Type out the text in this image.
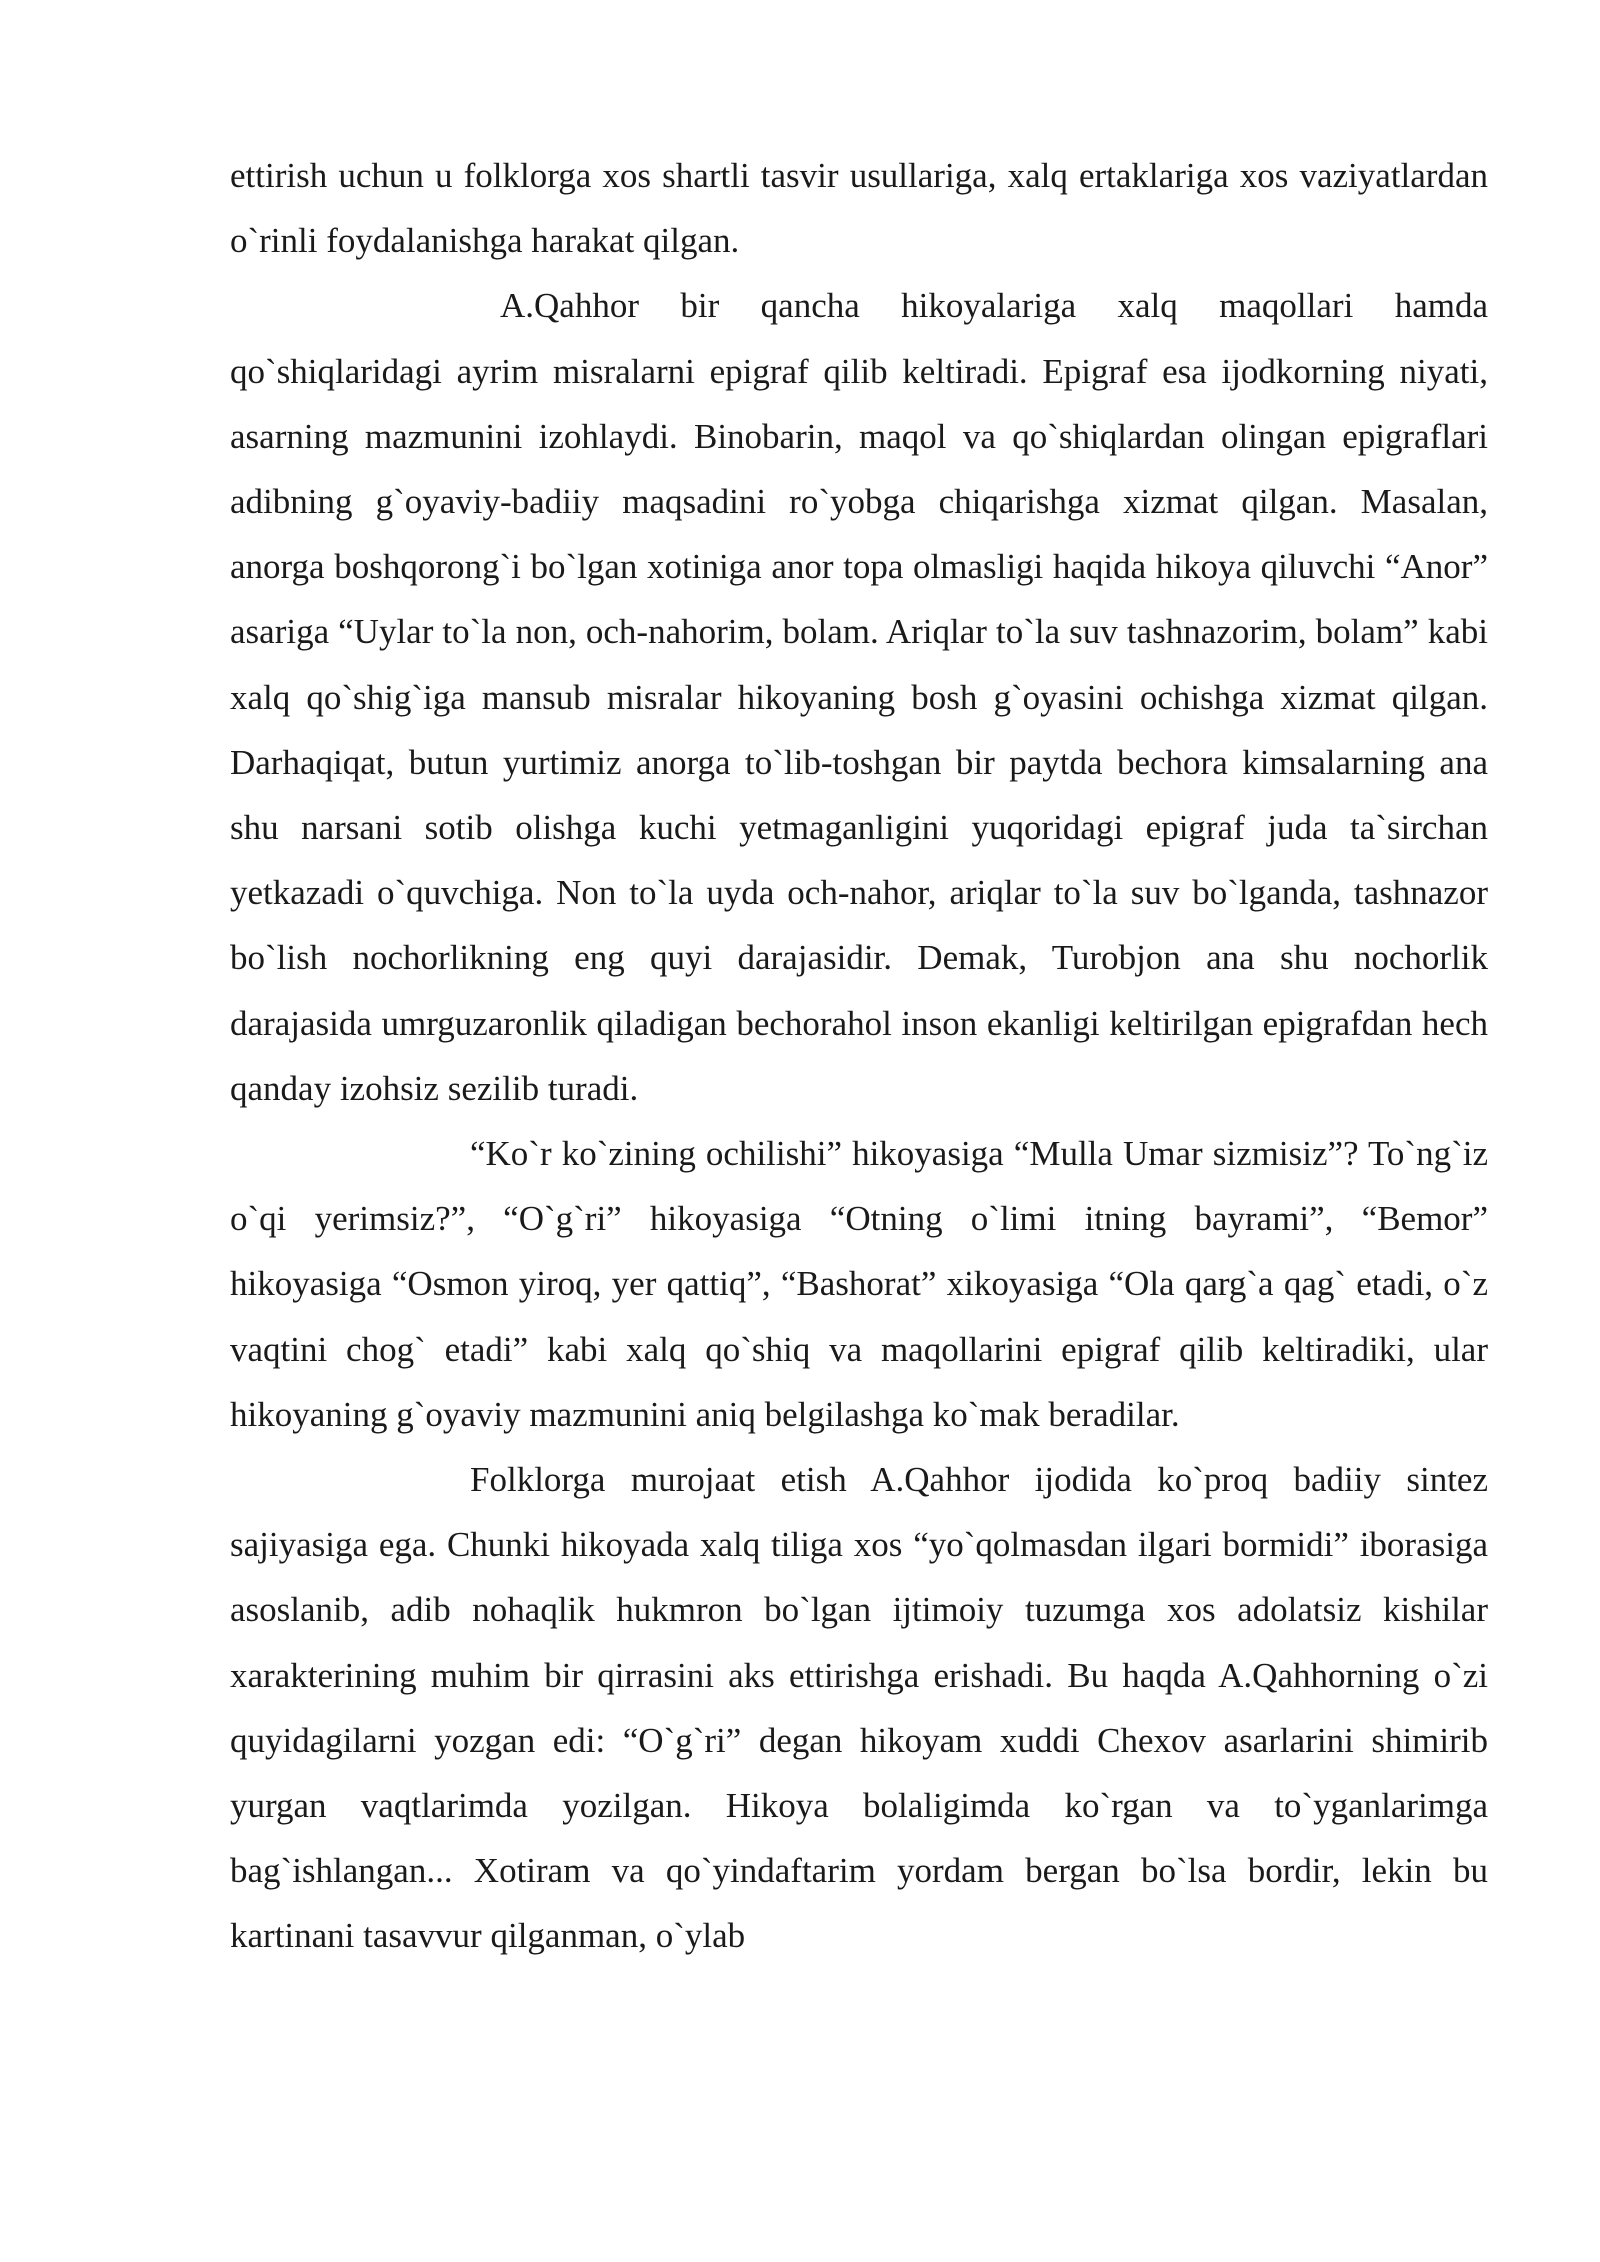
ettirish uchun u folklorga xos shartli tasvir usullariga, xalq ertaklariga xos vaziyatlardan o`rinli foydalanishga harakat qilgan.

A.Qahhor bir qancha hikoyalariga xalq maqollari hamda qo`shiqlaridagi ayrim misralarni epigraf qilib keltiradi. Epigraf esa ijodkorning niyati, asarning mazmunini izohlaydi. Binobarin, maqol va qo`shiqlardan olingan epigraflari adibning g`oyaviy-badiiy maqsadini ro`yobga chiqarishga xizmat qilgan. Masalan, anorga boshqorong`i bo`lgan xotiniga anor topa olmasligi haqida hikoya qiluvchi “Anor” asariga “Uylar to`la non, och-nahorim, bolam. Ariqlar to`la suv tashnazorim, bolam” kabi xalq qo`shig`iga mansub misralar hikoyaning bosh g`oyasini ochishga xizmat qilgan. Darhaqiqat, butun yurtimiz anorga to`lib-toshgan bir paytda bechora kimsalarning ana shu narsani sotib olishga kuchi yetmaganligini yuqoridagi epigraf juda ta`sirchan yetkazadi o`quvchiga. Non to`la uyda och-nahor, ariqlar to`la suv bo`lganda, tashnazor bo`lish nochorlikning eng quyi darajasidir. Demak, Turobjon ana shu nochorlik darajasida umrguzaronlik qiladigan bechorahol inson ekanligi keltirilgan epigrafdan hech qanday izohsiz sezilib turadi.

“Ko`r ko`zining ochilishi” hikoyasiga “Mulla Umar sizmisiz”? To`ng`iz o`qi yerimsiz?”, “O`g`ri” hikoyasiga “Otning o`limi itning bayrami”, “Bemor” hikoyasiga “Osmon yiroq, yer qattiq”, “Bashorat” xikoyasiga “Ola qarg`a qag` etadi, o`z vaqtini chog` etadi” kabi xalq qo`shiq va maqollarini epigraf qilib keltiradiki, ular hikoyaning g`oyaviy mazmunini aniq belgilashga ko`mak beradilar.

Folklorga murojaat etish A.Qahhor ijodida ko`proq badiiy sintez sajiyasiga ega. Chunki hikoyada xalq tiliga xos “yo`qolmasdan ilgari bormidi” iborasiga asoslanib, adib nohaqlik hukmron bo`lgan ijtimoiy tuzumga xos adolatsiz kishilar xarakterining muhim bir qirrasini aks ettirishga erishadi. Bu haqda A.Qahhorning o`zi quyidagilarni yozgan edi: “O`g`ri” degan hikoyam xuddi Chexov asarlarini shimirib yurgan vaqtlarimda yozilgan. Hikoya bolaligimda ko`rgan va to`yganlarimga bag`ishlangan... Xotiram va qo`yindaftarim yordam bergan bo`lsa bordir, lekin bu kartinani tasavvur qilganman, o`ylab
